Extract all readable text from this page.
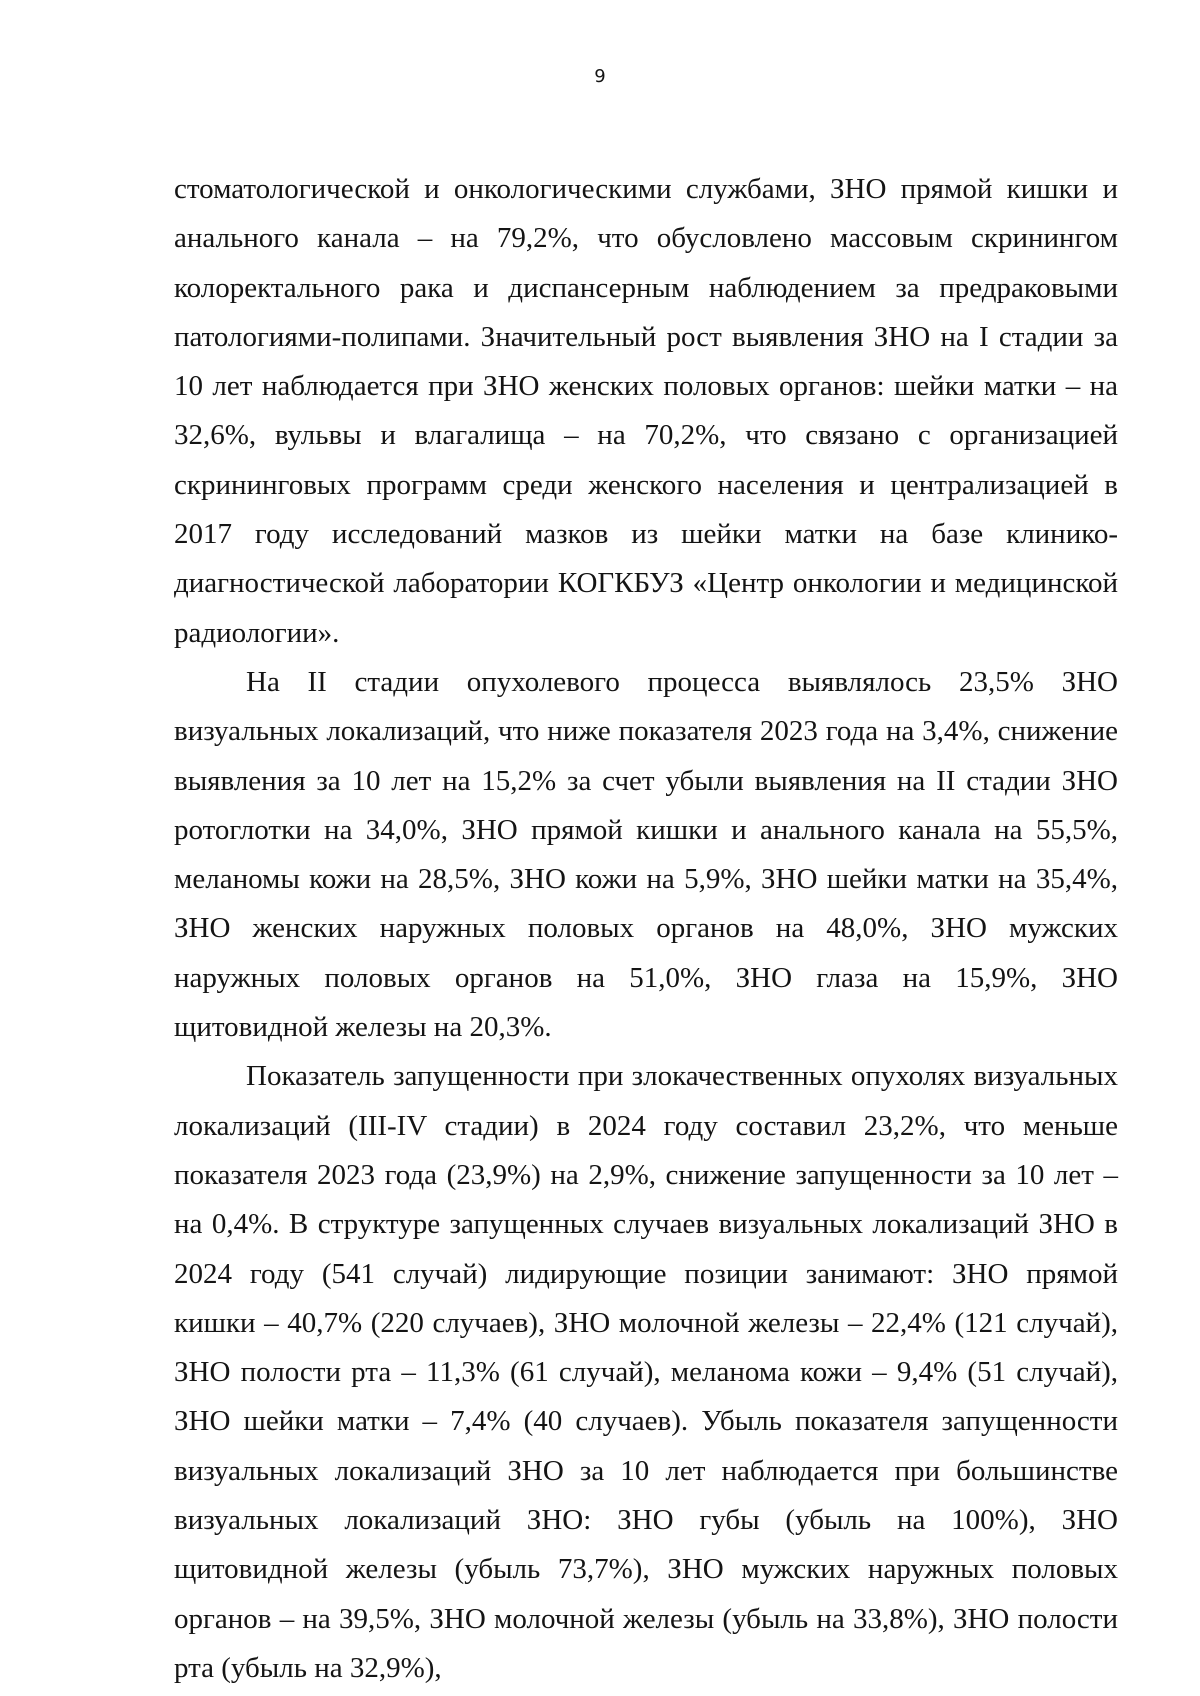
9

стоматологической и онкологическими службами, ЗНО прямой кишки и анального канала – на 79,2%, что обусловлено массовым скринингом колоректального рака и диспансерным наблюдением за предраковыми патологиями-полипами. Значительный рост выявления ЗНО на I стадии за 10 лет наблюдается при ЗНО женских половых органов: шейки матки – на 32,6%, вульвы и влагалища – на 70,2%, что связано с организацией скрининговых программ среди женского населения и централизацией в 2017 году исследований мазков из шейки матки на базе клинико-диагностической лаборатории КОГКБУЗ «Центр онкологии и медицинской радиологии».

На II стадии опухолевого процесса выявлялось 23,5% ЗНО визуальных локализаций, что ниже показателя 2023 года на 3,4%, снижение выявления за 10 лет на 15,2% за счет убыли выявления на II стадии ЗНО ротоглотки на 34,0%, ЗНО прямой кишки и анального канала на 55,5%, меланомы кожи на 28,5%, ЗНО кожи на 5,9%, ЗНО шейки матки на 35,4%, ЗНО женских наружных половых органов на 48,0%, ЗНО мужских наружных половых органов на 51,0%, ЗНО глаза на 15,9%, ЗНО щитовидной железы на 20,3%.

Показатель запущенности при злокачественных опухолях визуальных локализаций (III-IV стадии) в 2024 году составил 23,2%, что меньше показателя 2023 года (23,9%) на 2,9%, снижение запущенности за 10 лет – на 0,4%. В структуре запущенных случаев визуальных локализаций ЗНО в 2024 году (541 случай) лидирующие позиции занимают: ЗНО прямой кишки – 40,7% (220 случаев), ЗНО молочной железы – 22,4% (121 случай), ЗНО полости рта – 11,3% (61 случай), меланома кожи – 9,4% (51 случай), ЗНО шейки матки – 7,4% (40 случаев). Убыль показателя запущенности визуальных локализаций ЗНО за 10 лет наблюдается при большинстве визуальных локализаций ЗНО: ЗНО губы (убыль на 100%), ЗНО щитовидной железы (убыль 73,7%), ЗНО мужских наружных половых органов – на 39,5%, ЗНО молочной железы (убыль на 33,8%), ЗНО полости рта (убыль на 32,9%),
